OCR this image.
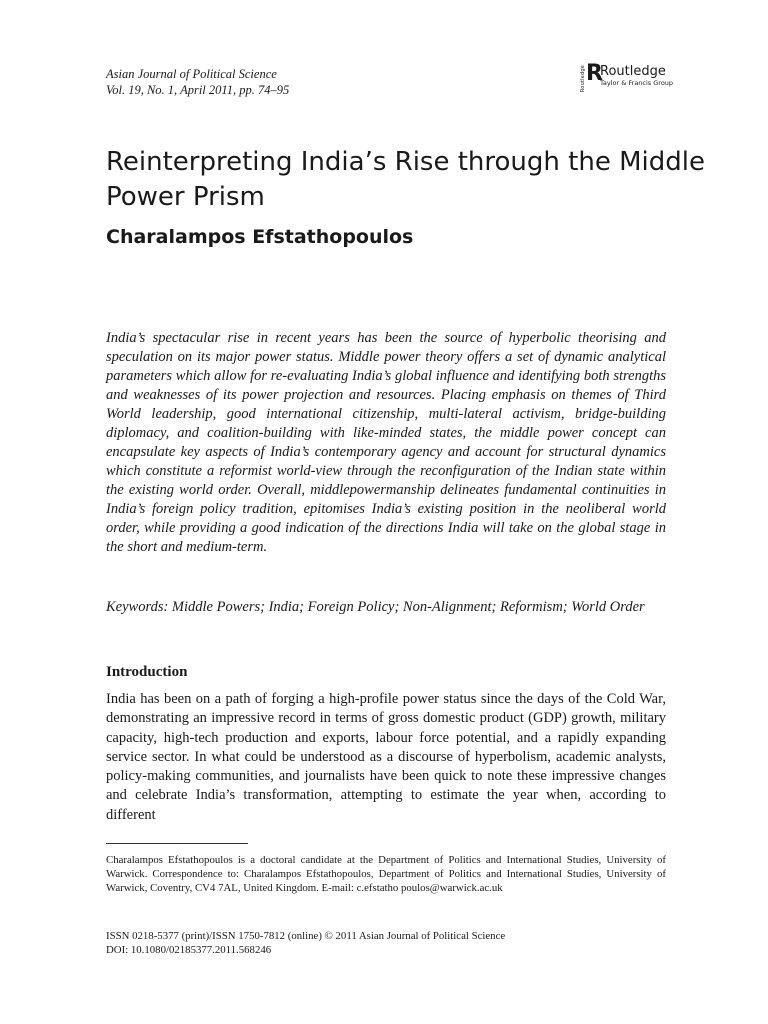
Asian Journal of Political Science
Vol. 19, No. 1, April 2011, pp. 74–95	Routledge R
Routledge
Taylor & Francis Group
Reinterpreting India’s Rise through the Middle Power Prism
Charalampos Efstathopoulos

India’s spectacular rise in recent years has been the source of hyperbolic theorising and speculation on its major power status. Middle power theory offers a set of dynamic analytical parameters which allow for re-evaluating India’s global influence and identifying both strengths and weaknesses of its power projection and resources. Placing emphasis on themes of Third World leadership, good international citizenship, multi-lateral activism, bridge-building diplomacy, and coalition-building with like-minded states, the middle power concept can encapsulate key aspects of India’s contemporary agency and account for structural dynamics which constitute a reformist world-view through the reconfiguration of the Indian state within the existing world order. Overall, middlepowermanship delineates fundamental continuities in India’s foreign policy tradition, epitomises India’s existing position in the neoliberal world order, while providing a good indication of the directions India will take on the global stage in the short and medium-term.

Keywords: Middle Powers; India; Foreign Policy; Non-Alignment; Reformism; World Order

Introduction

India has been on a path of forging a high-profile power status since the days of the Cold War, demonstrating an impressive record in terms of gross domestic product (GDP) growth, military capacity, high-tech production and exports, labour force potential, and a rapidly expanding service sector. In what could be understood as a discourse of hyperbolism, academic analysts, policy-making communities, and journalists have been quick to note these impressive changes and celebrate India’s transformation, attempting to estimate the year when, according to different

Charalampos Efstathopoulos is a doctoral candidate at the Department of Politics and International Studies, University of Warwick. Correspondence to: Charalampos Efstathopoulos, Department of Politics and International Studies, University of Warwick, Coventry, CV4 7AL, United Kingdom. E-mail: c.efstatho poulos@warwick.ac.uk

ISSN 0218-5377 (print)/ISSN 1750-7812 (online) © 2011 Asian Journal of Political Science

DOI: 10.1080/02185377.2011.568246
